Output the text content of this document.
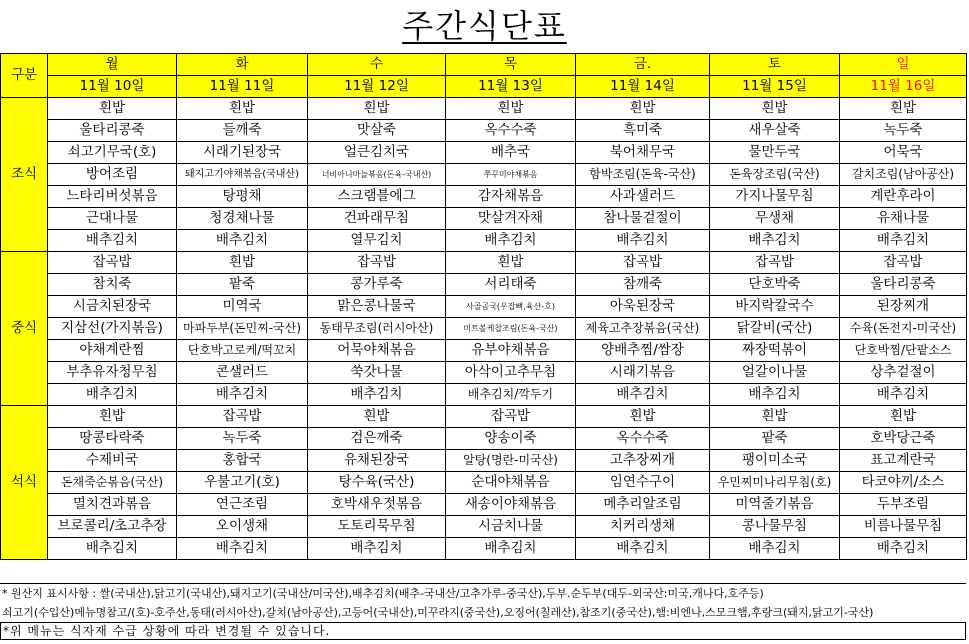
주간식단표
구분	월	화	수	목	금.	토	일
	11월 10일	11월 11일	11월 12일	11월 13일	11월 14일	11월 15일	11월 16일
조식	흰밥	흰밥	흰밥	흰밥	흰밥	흰밥	흰밥
	울타리콩죽	들깨죽	맛살죽	옥수수죽	흑미죽	새우살죽	녹두죽
	쇠고기무국(호)	시래기된장국	얼큰김치국	배추국	북어채무국	물만두국	어묵국
	방어조림	돼지고기야채볶음(국내산)	너비아니마늘볶음(돈육-국내산)	쭈꾸미야채볶음	함박조림(돈육-국산)	돈육장조림(국산)	갈치조림(남아공산)
	느타리버섯볶음	탕평채	스크램블에그	감자채볶음	사과샐러드	가지나물무침	계란후라이
	근대나물	청경채나물	건파래무침	맛살겨자채	참나물겉절이	무생채	유채나물
	배추김치	배추김치	열무김치	배추김치	배추김치	배추김치	배추김치
중식	잡곡밥	흰밥	잡곡밥	흰밥	잡곡밥	잡곡밥	잡곡밥
	참치죽	팥죽	콩가루죽	서리태죽	참깨죽	단호박죽	울타리콩죽
	시금치된장국	미역국	맑은콩나물국	사골곰국(우잡뼈,육산-호)	아욱된장국	바지락칼국수	된장찌개
	지삼선(가지볶음)	마파두부(돈민찌-국산)	동태무조림(러시아산)	미트볼케찹조림(돈육-국산)	제육고추장볶음(국산)	닭갈비(국산)	수육(돈전지-미국산)
	야채계란찜	단호박고로케/떡꼬치	어묵야채볶음	유부야채볶음	양배추찜/쌈장	짜장떡볶이	단호박찜/단팥소스
	부추유자청무침	콘샐러드	쑥갓나물	아삭이고추무침	시래기볶음	얼갈이나물	상추겉절이
	배추김치	배추김치	배추김치	배추김치/깍두기	배추김치	배추김치	배추김치
석식	흰밥	잡곡밥	흰밥	잡곡밥	흰밥	흰밥	흰밥
	땅콩타락죽	녹두죽	검은깨죽	양송이죽	옥수수죽	팥죽	호박당근죽
	수제비국	홍합국	유채된장국	알탕(명란-미국산)	고추장찌개	팽이미소국	표고계란국
	돈채죽순볶음(국산)	우불고기(호)	탕수육(국산)	순대야채볶음	임연수구이	우민찌미나리무침(호)	타코야끼/소스
	멸치견과볶음	연근조림	호박새우젓볶음	새송이야채볶음	메추리알조림	미역줄기볶음	두부조림
	브로콜리/초고추장	오이생채	도토리묵무침	시금치나물	치커리생채	콩나물무침	비름나물무침
	배추김치	배추김치	배추김치	배추김치	배추김치	배추김치	배추김치
* 원산지 표시사항 : 쌀(국내산),닭고기(국내산),돼지고기(국내산/미국산),배추김치(배추-국내산/고추가루-중국산),두부.순두부(대두-외국산:미국,캐나다,호주등)
쇠고기(수입산)메뉴명참고/(호)-호주산,동태(러시아산),갈치(남아공산),고등어(국내산),미꾸라지(중국산),오징어(칠레산),참조기(중국산),햄:비엔나,스모크햄,후랑크(돼지,닭고기-국산)
*위 메뉴는 식자재 수급 상황에 따라 변경될 수 있습니다.
